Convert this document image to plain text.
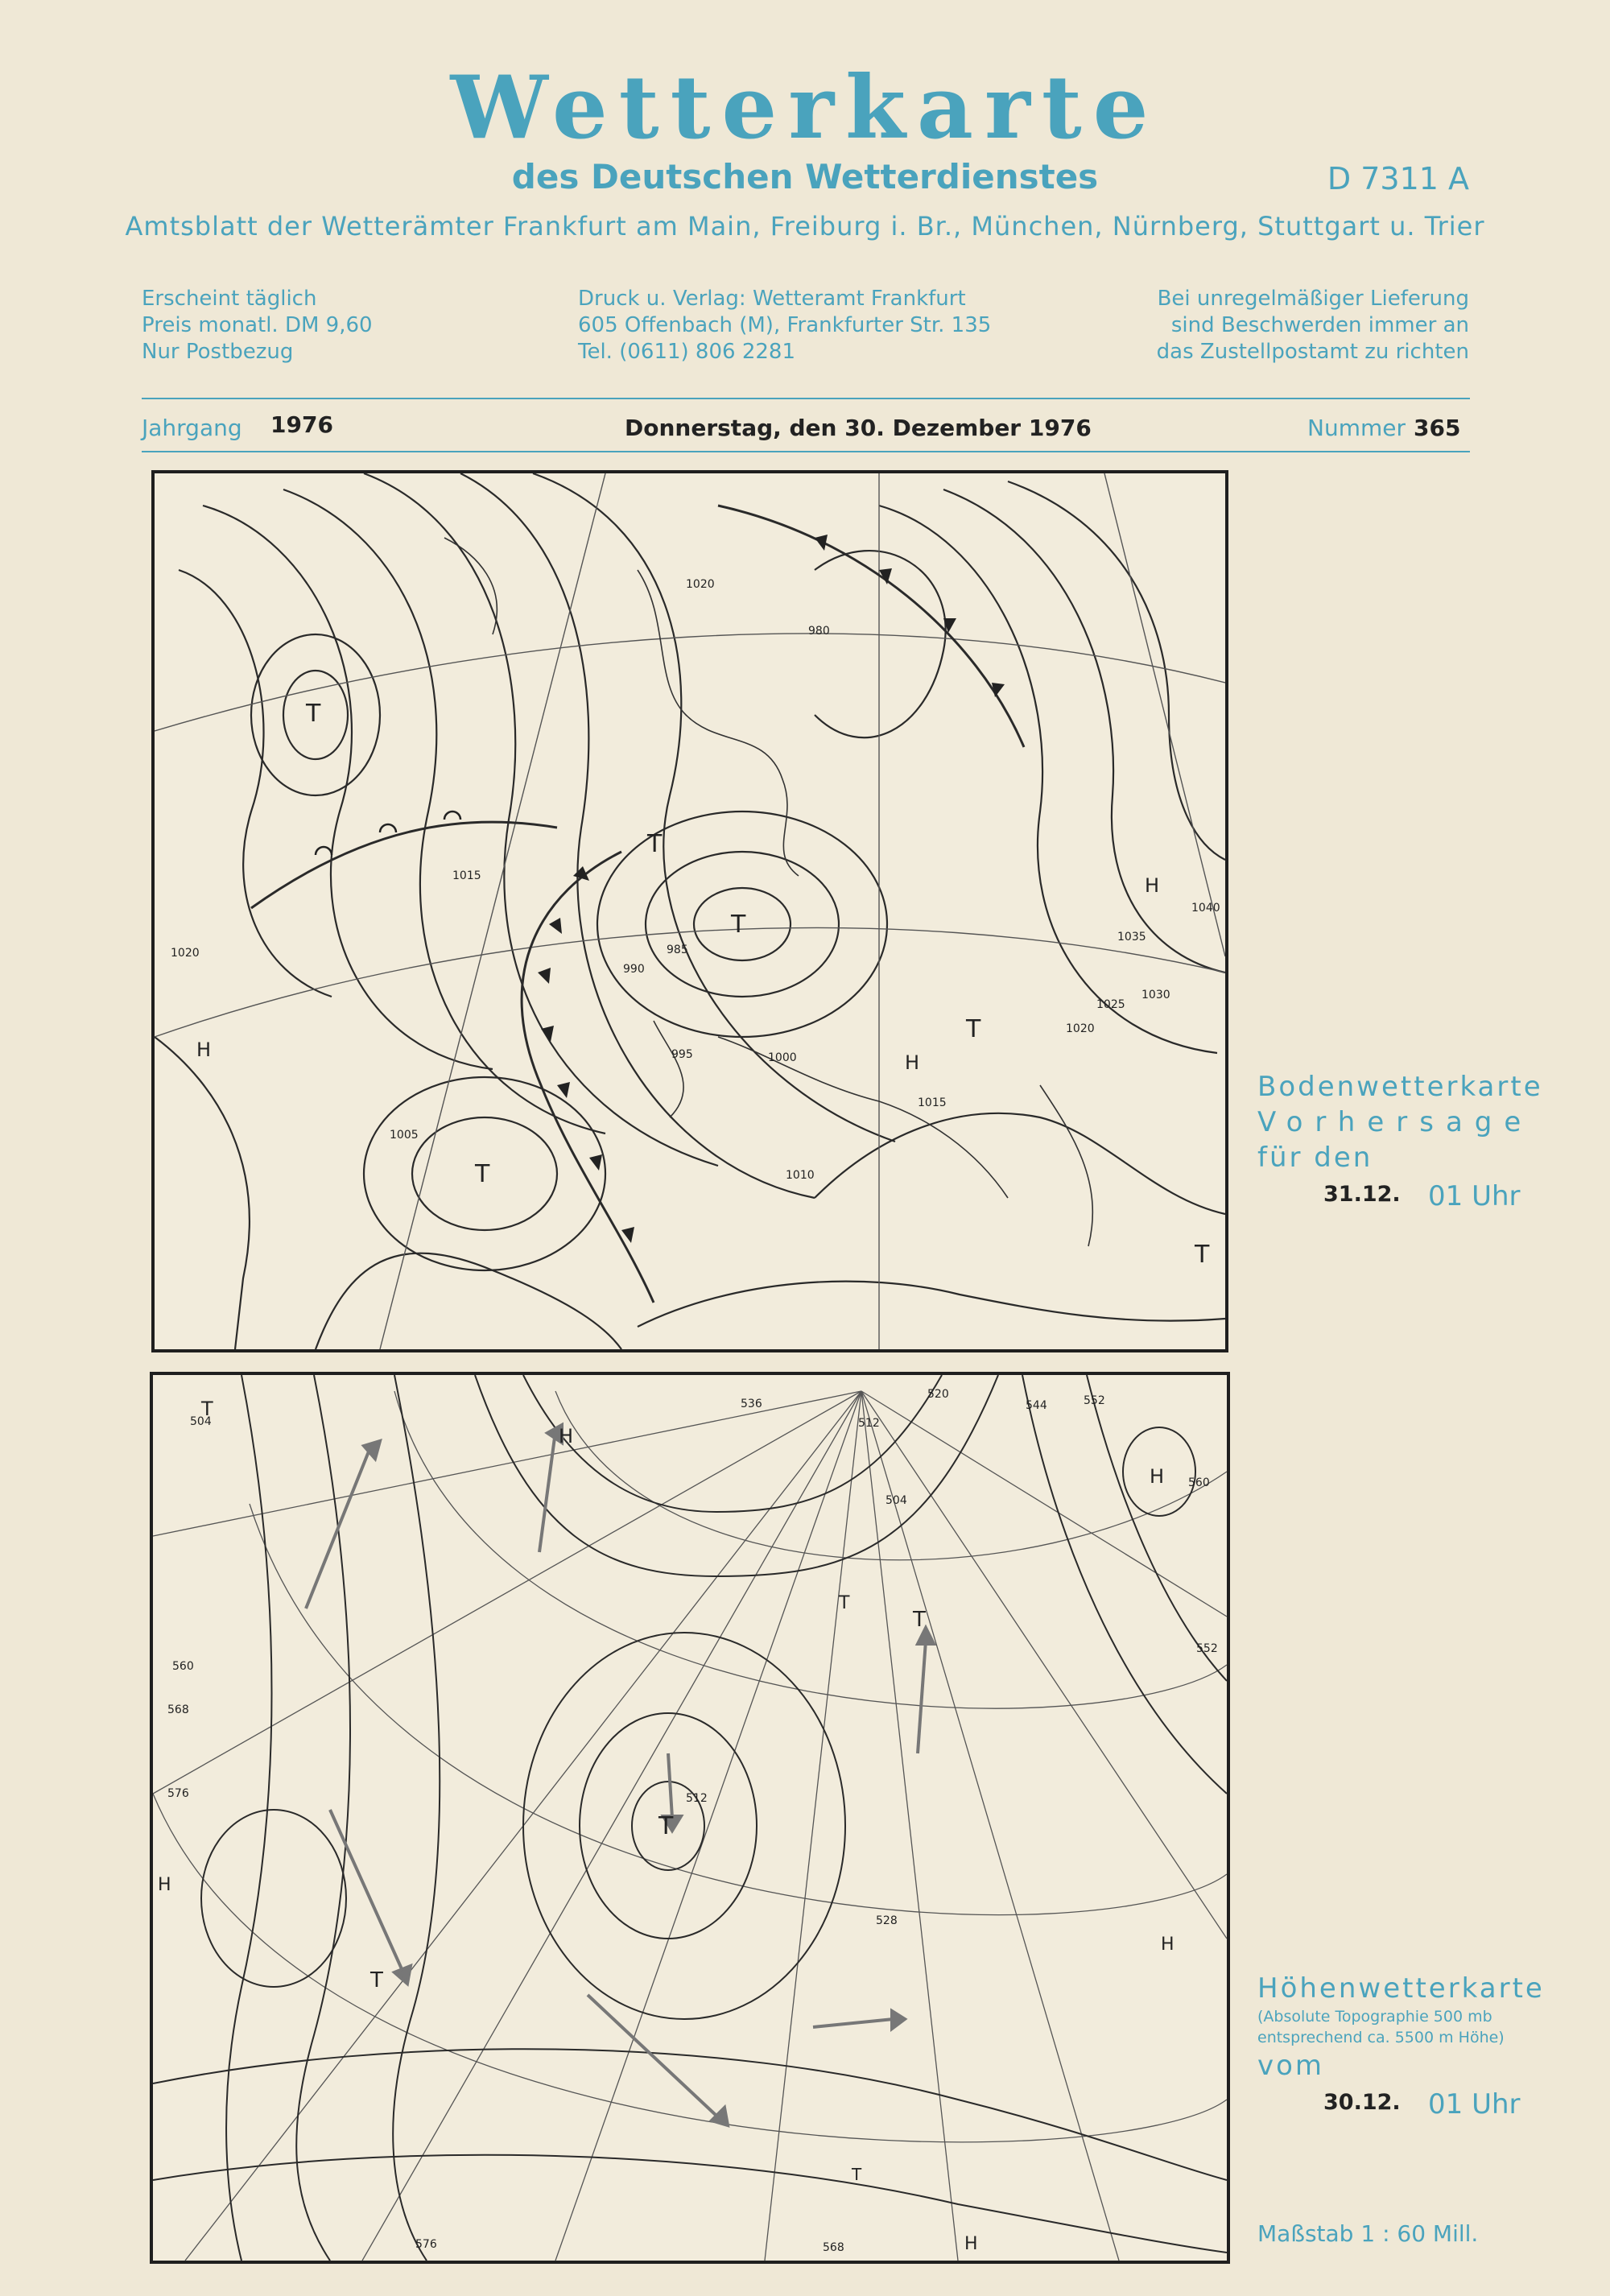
Wetterkarte
des Deutschen Wetterdienstes	D 7311 A
Amtsblatt der Wetterämter Frankfurt am Main, Freiburg i. Br., München, Nürnberg, Stuttgart u. Trier
Erscheint täglich
Preis monatl. DM 9,60
Nur Postbezug
Druck u. Verlag: Wetteramt Frankfurt
605 Offenbach (M), Frankfurter Str. 135
Tel. (0611) 806 2281
Bei unregelmäßiger Lieferung
sind Beschwerden immer an
das Zustellpostamt zu richten
Jahrgang 1976	Donnerstag, den 30. Dezember 1976	Nummer 365
T
T
T
T
T
T
H
H
H
1035
1040
1030
1025
1020
1020
1020
1015
1015
1010
1005
1000
995
990
985
980
Bodenwetterkarte
Vorhersage
für den
31.12. 01 Uhr
T
T
T
T
T
T
H
H
H
H
H
504
504
512
512
520
528
536	544	552
552
560
560
568
568
576
576
Höhenwetterkarte
(Absolute Topographie 500 mb
entsprechend ca. 5500 m Höhe)
vom
30.12. 01 Uhr
Maßstab 1 : 60 Mill.
